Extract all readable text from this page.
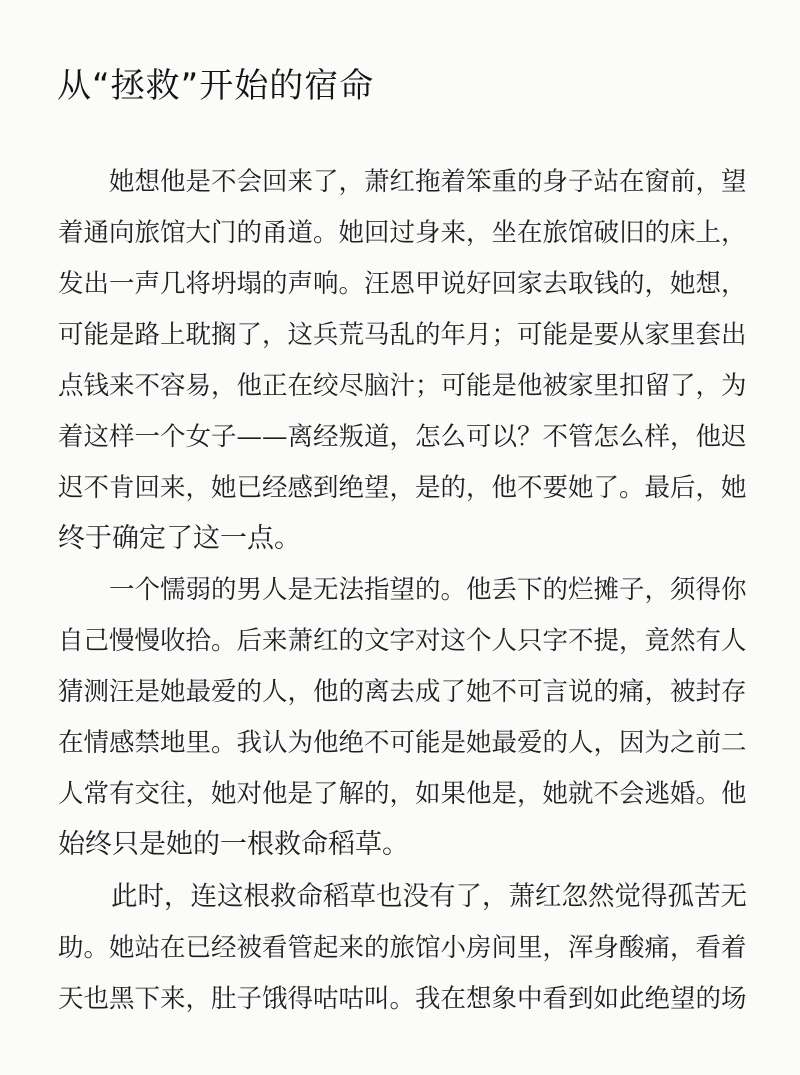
从“拯救”开始的宿命

　　她想他是不会回来了，萧红拖着笨重的身子站在窗前，望

着通向旅馆大门的甬道。她回过身来，坐在旅馆破旧的床上，

发出一声几将坍塌的声响。汪恩甲说好回家去取钱的，她想，

可能是路上耽搁了，这兵荒马乱的年月；可能是要从家里套出

点钱来不容易，他正在绞尽脑汁；可能是他被家里扣留了，为

着这样一个女子——离经叛道，怎么可以？不管怎么样，他迟

迟不肯回来，她已经感到绝望，是的，他不要她了。最后，她

终于确定了这一点。

　　一个懦弱的男人是无法指望的。他丢下的烂摊子，须得你

自己慢慢收拾。后来萧红的文字对这个人只字不提，竟然有人

猜测汪是她最爱的人，他的离去成了她不可言说的痛，被封存

在情感禁地里。我认为他绝不可能是她最爱的人，因为之前二

人常有交往，她对他是了解的，如果他是，她就不会逃婚。他

始终只是她的一根救命稻草。

　　此时，连这根救命稻草也没有了，萧红忽然觉得孤苦无

助。她站在已经被看管起来的旅馆小房间里，浑身酸痛，看着

天也黑下来，肚子饿得咕咕叫。我在想象中看到如此绝望的场
